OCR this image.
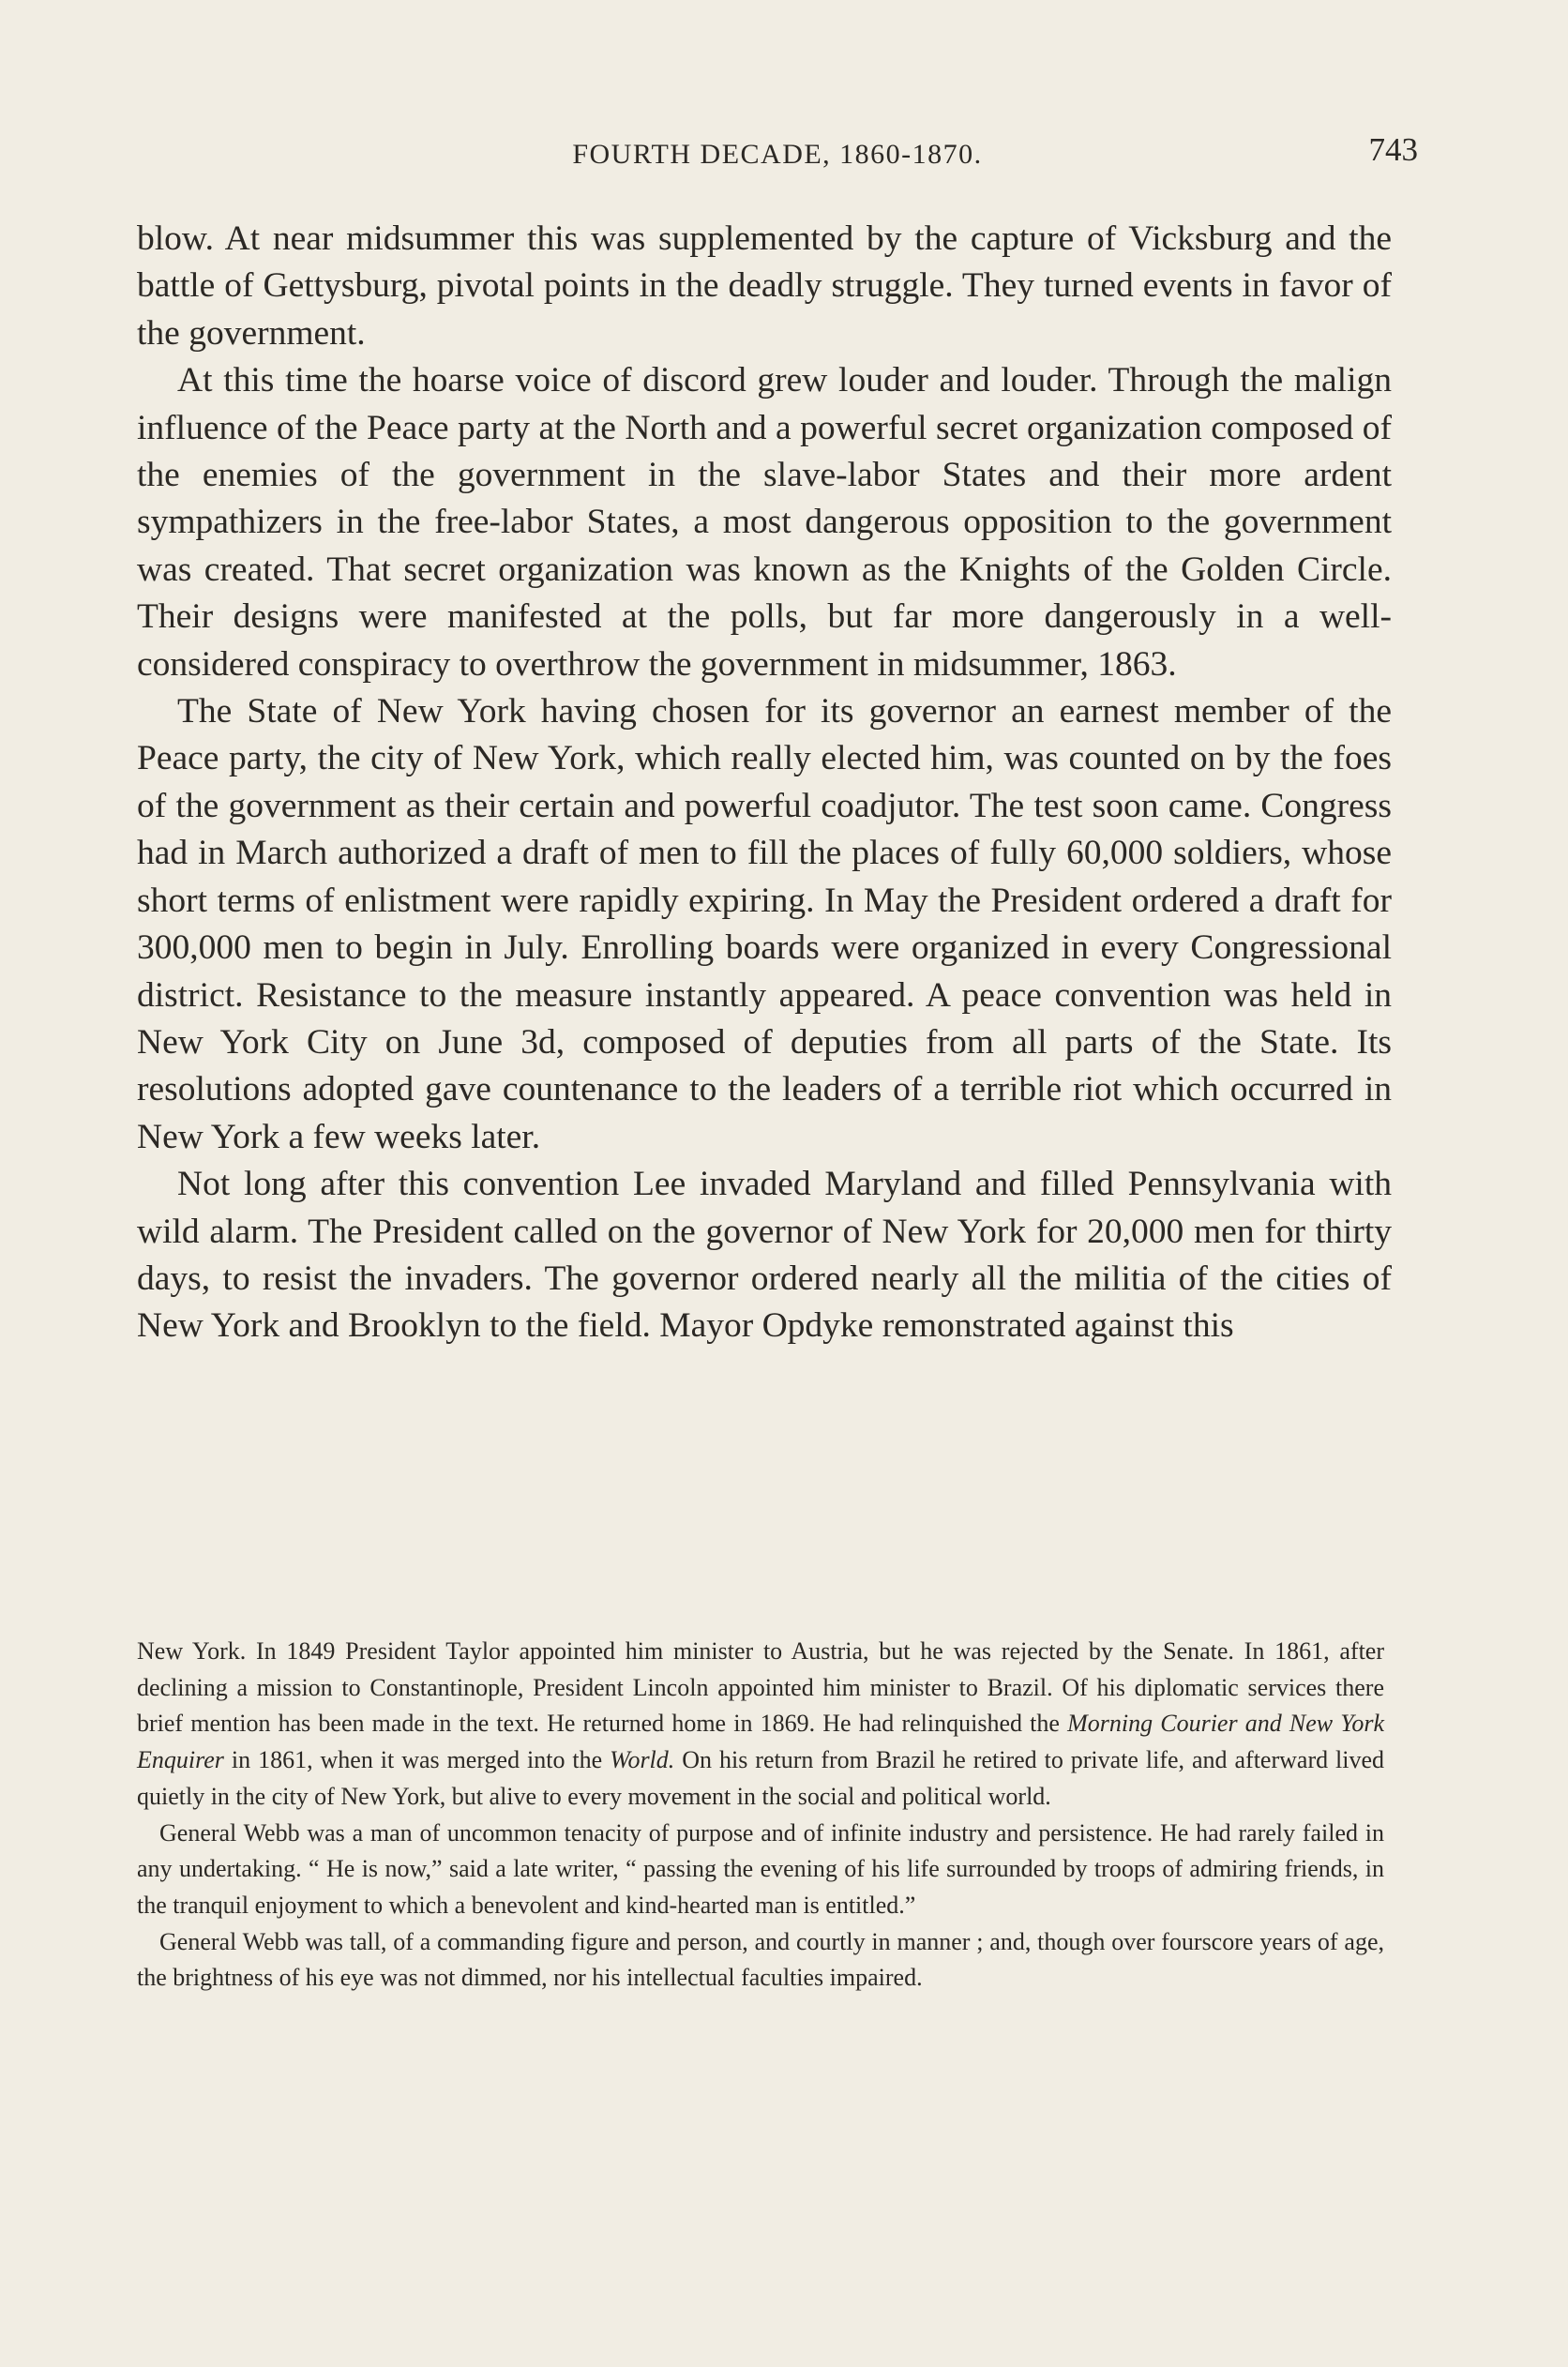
FOURTH DECADE, 1860-1870.	743

blow. At near midsummer this was supplemented by the capture of Vicksburg and the battle of Gettysburg, pivotal points in the deadly struggle. They turned events in favor of the government.

At this time the hoarse voice of discord grew louder and louder. Through the malign influence of the Peace party at the North and a powerful secret organization composed of the enemies of the government in the slave-labor States and their more ardent sympathizers in the free-labor States, a most dangerous opposition to the government was created. That secret organization was known as the Knights of the Golden Circle. Their designs were manifested at the polls, but far more dangerously in a well-considered conspiracy to overthrow the government in midsummer, 1863.

The State of New York having chosen for its governor an earnest member of the Peace party, the city of New York, which really elected him, was counted on by the foes of the government as their certain and powerful coadjutor. The test soon came. Congress had in March authorized a draft of men to fill the places of fully 60,000 soldiers, whose short terms of enlistment were rapidly expiring. In May the President ordered a draft for 300,000 men to begin in July. Enrolling boards were organized in every Congressional district. Resistance to the measure instantly appeared. A peace convention was held in New York City on June 3d, composed of deputies from all parts of the State. Its resolutions adopted gave countenance to the leaders of a terrible riot which occurred in New York a few weeks later.

Not long after this convention Lee invaded Maryland and filled Pennsylvania with wild alarm. The President called on the governor of New York for 20,000 men for thirty days, to resist the invaders. The governor ordered nearly all the militia of the cities of New York and Brooklyn to the field. Mayor Opdyke remonstrated against this

New York. In 1849 President Taylor appointed him minister to Austria, but he was rejected by the Senate. In 1861, after declining a mission to Constantinople, President Lincoln appointed him minister to Brazil. Of his diplomatic services there brief mention has been made in the text. He returned home in 1869. He had relinquished the Morning Courier and New York Enquirer in 1861, when it was merged into the World. On his return from Brazil he retired to private life, and afterward lived quietly in the city of New York, but alive to every movement in the social and political world.

General Webb was a man of uncommon tenacity of purpose and of infinite industry and persistence. He had rarely failed in any undertaking. “ He is now,” said a late writer, “ passing the evening of his life surrounded by troops of admiring friends, in the tranquil enjoyment to which a benevolent and kind-hearted man is entitled.”

General Webb was tall, of a commanding figure and person, and courtly in manner ; and, though over fourscore years of age, the brightness of his eye was not dimmed, nor his intellectual faculties impaired.
